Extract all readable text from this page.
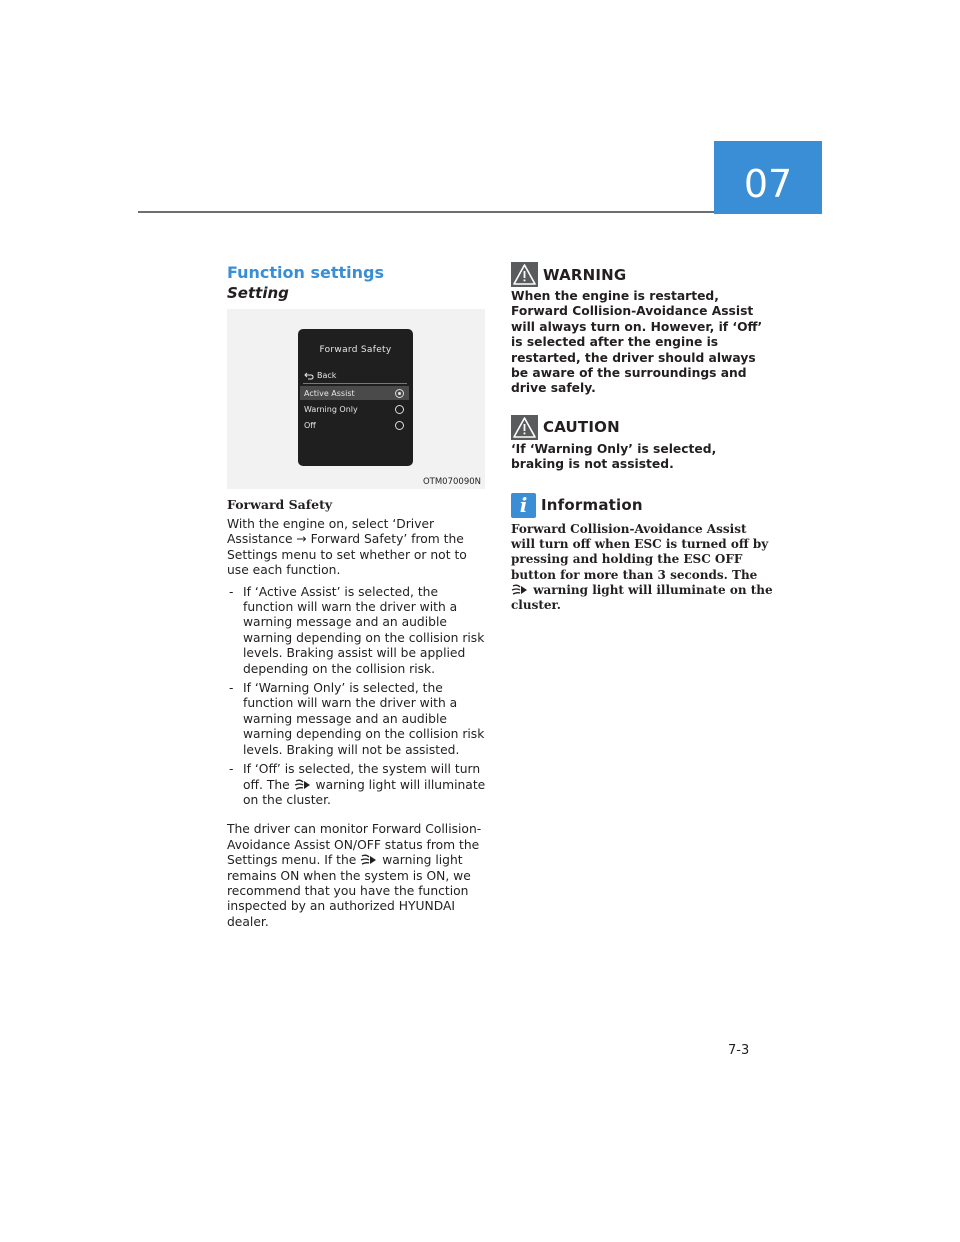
07
Function settings
Setting
Forward Safety
Back
Active Assist
Warning Only
Off
OTM070090N
Forward Safety

With the engine on, select ‘Driver Assistance → Forward Safety’ from the Settings menu to set whether or not to use each function.

- If ‘Active Assist’ is selected, the function will warn the driver with a warning message and an audible warning depending on the collision risk levels. Braking assist will be applied depending on the collision risk.
- If ‘Warning Only’ is selected, the function will warn the driver with a warning message and an audible warning depending on the collision risk levels. Braking will not be assisted.
- If ‘Off’ is selected, the system will turn off. The warning light will illuminate on the cluster.

The driver can monitor Forward Collision-Avoidance Assist ON/OFF status from the Settings menu. If the warning light remains ON when the system is ON, we recommend that you have the function inspected by an authorized HYUNDAI dealer.

WARNING

When the engine is restarted, Forward Collision-Avoidance Assist will always turn on. However, if ‘Off’ is selected after the engine is restarted, the driver should always be aware of the surroundings and drive safely.

CAUTION

‘If ‘Warning Only’ is selected, braking is not assisted.

i Information

Forward Collision-Avoidance Assist will turn off when ESC is turned off by pressing and holding the ESC OFF button for more than 3 seconds. The  warning light will illuminate on the cluster.

7-3
